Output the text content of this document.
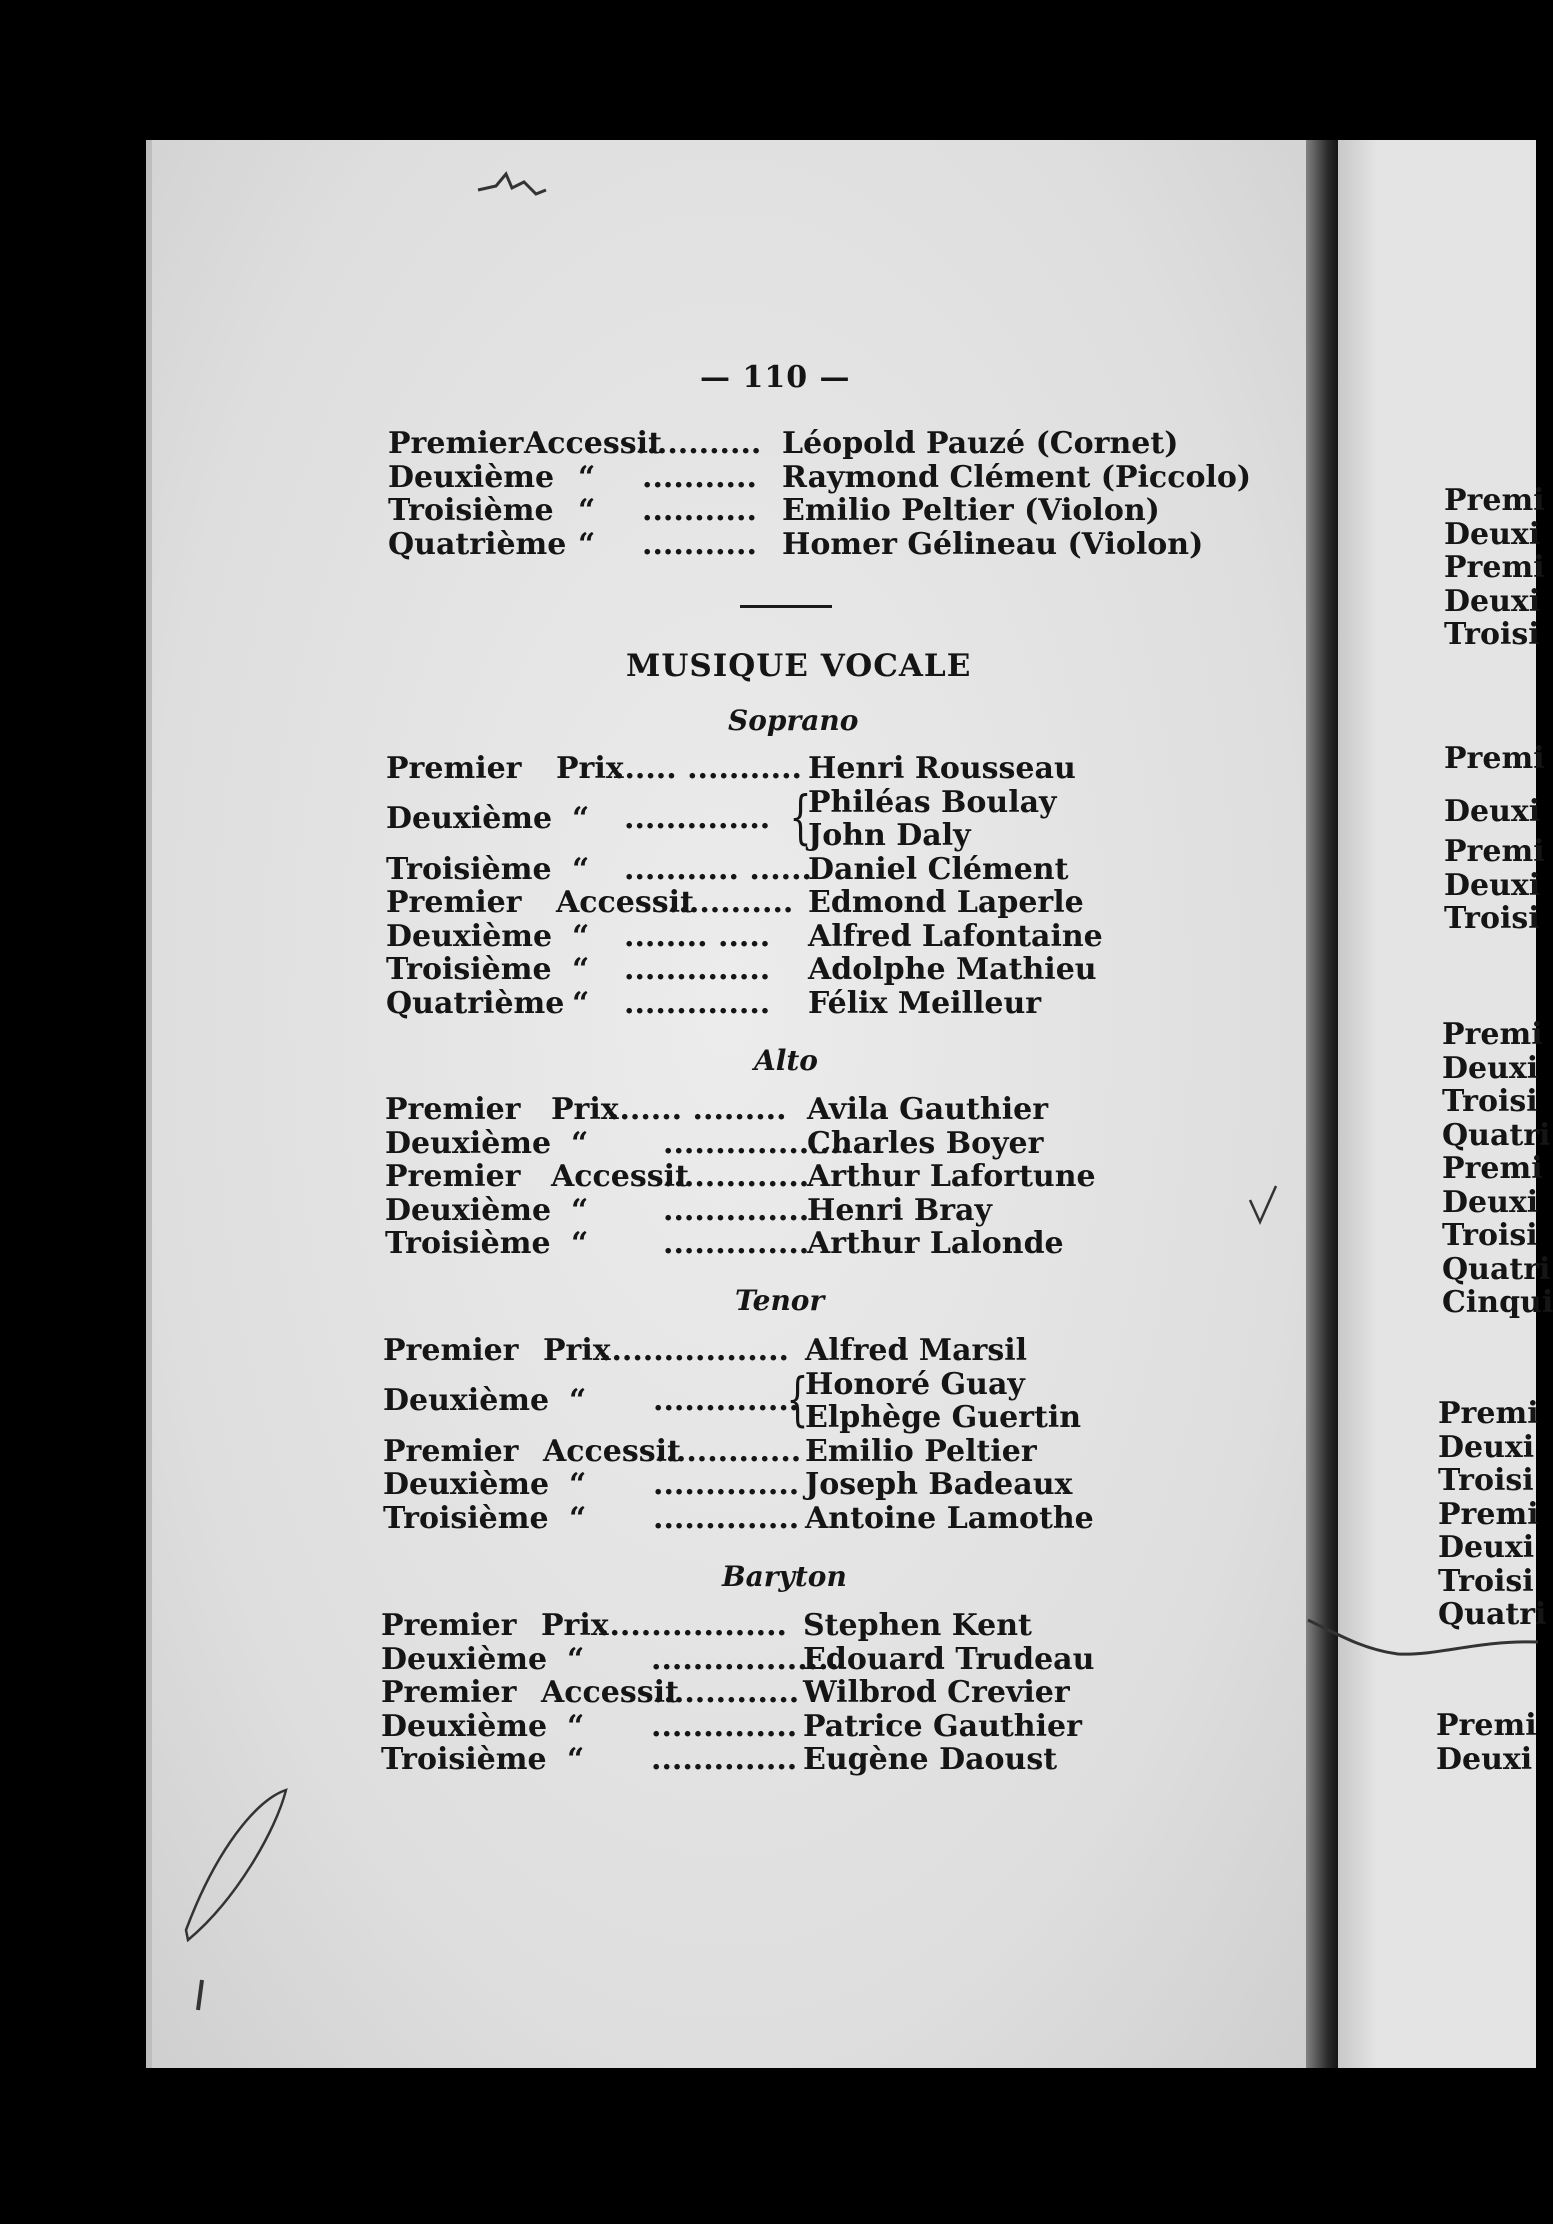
— 110 —
Premier Accessit
............ Léopold Pauzé (Cornet)
Deuxième “ ........... Raymond Clément (Piccolo)
Troisième “ ........... Emilio Peltier (Violon)
Quatrième “ ........... Homer Gélineau (Violon)
MUSIQUE VOCALE
Soprano
Premier Prix
...... ........... Henri Rousseau
Deuxième “ .............. {
Philéas Boulay
John Daly
Troisième “ ........... ......
Daniel Clément
Premier Accessit
............ Edmond Laperle
Deuxième “ ........ ..... Alfred Lafontaine
Troisième “ .............. Adolphe Mathieu
Quatrième “ .............. Félix Meilleur
Alto
Premier Prix
....... ......... Avila Gauthier
Deuxième “ ..................
Charles Boyer
Premier Accessit
..............
Arthur Lafortune
Deuxième “ ..............
Henri Bray
Troisième “ ..............
Arthur Lalonde
Tenor
Premier Prix
.................. Alfred Marsil
Deuxième “ ..............
{
Honoré Guay
Elphège Guertin
Premier Accessit
.............. Emilio Peltier
Deuxième “ .............. Joseph Badeaux
Troisième “ .............. Antoine Lamothe
Baryton
Premier Prix
.................. Stephen Kent
Deuxième “ ..................
Edouard Trudeau
Premier Accessit
.............. Wilbrod Crevier
Deuxième “ .............. Patrice Gauthier
Troisième “ .............. Eugène Daoust
Premi
Deuxi
Premi
Deuxi
Troisi
Premi
Deuxi
Premi
Deuxi
Troisi
Premi
Deuxi
Troisi
Quatri
Premi
Deuxi
Troisi
Quatri
Cinqui
Premi
Deuxi
Troisi
Premi
Deuxi
Troisi
Quatri
Premi
Deuxi
